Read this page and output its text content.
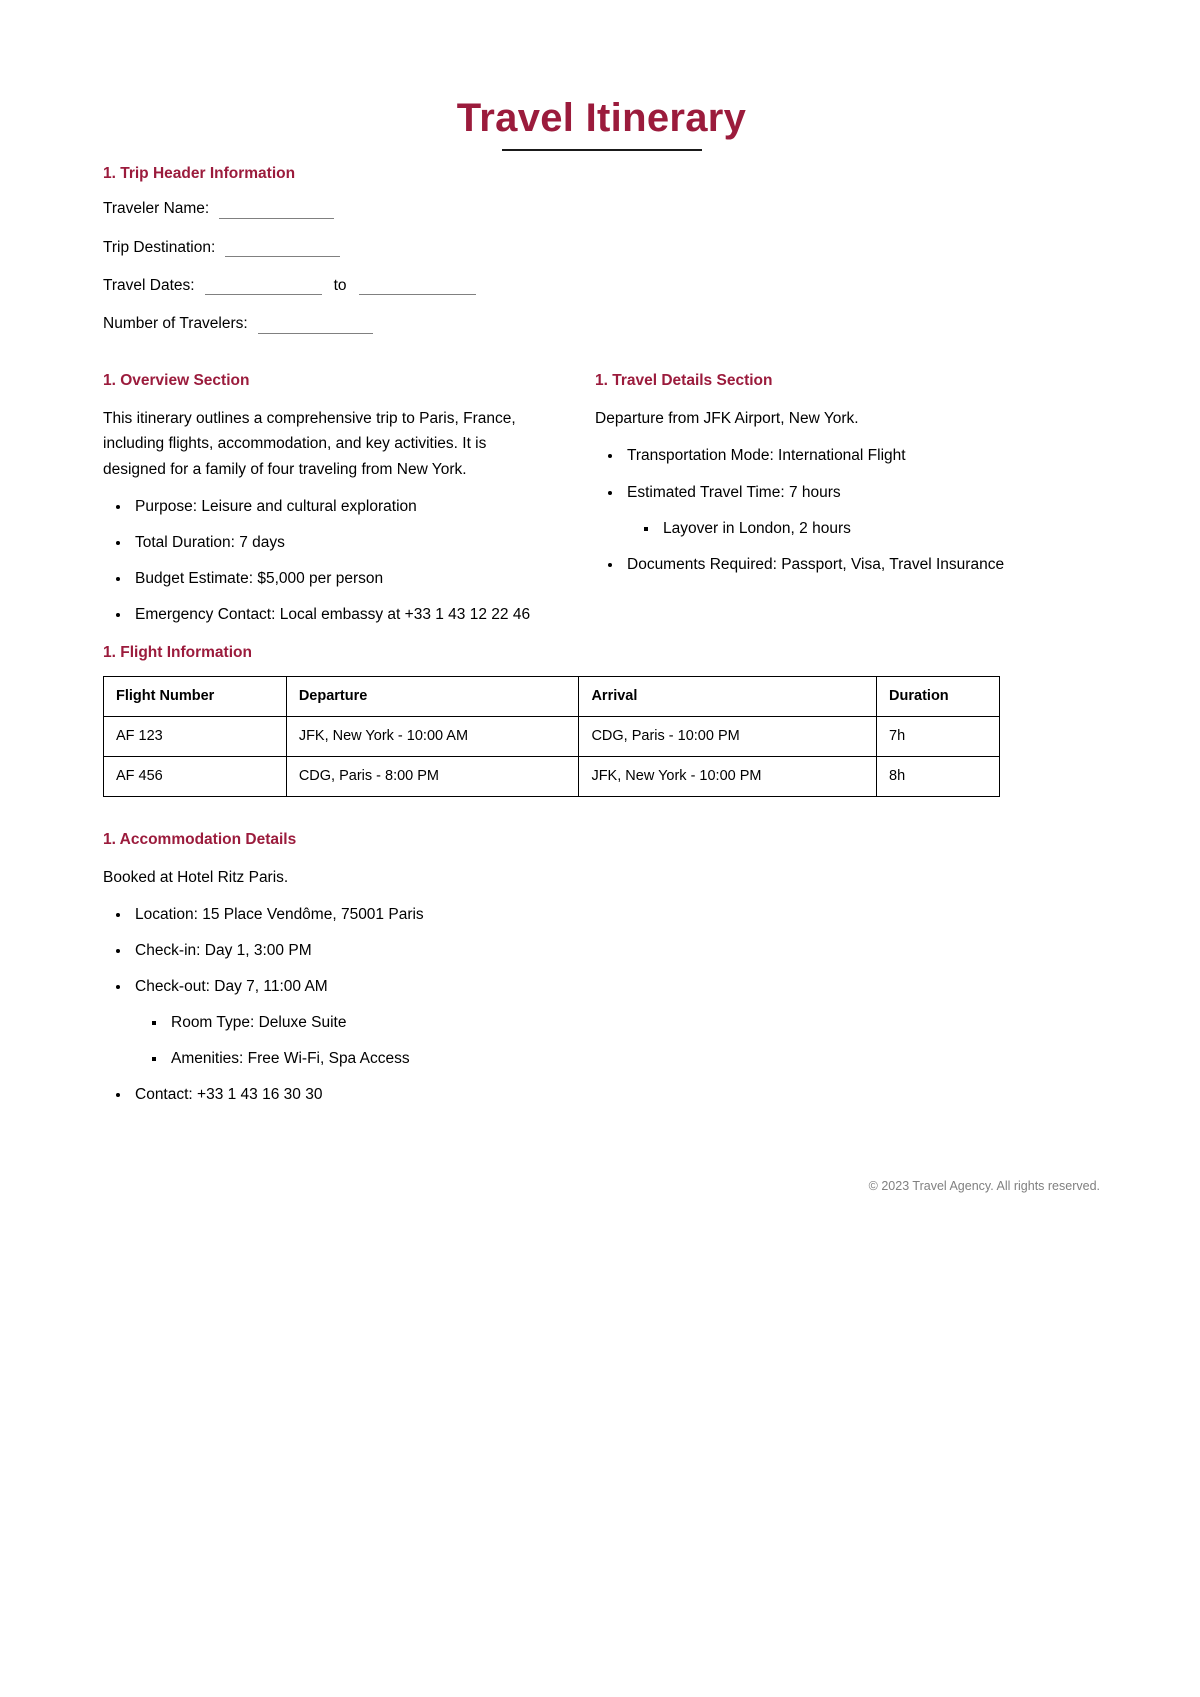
Travel Itinerary
1. Trip Header Information
Traveler Name:
Trip Destination:
Travel Dates:	to
Number of Travelers:
1. Overview Section

This itinerary outlines a comprehensive trip to Paris, France, including flights, accommodation, and key activities. It is designed for a family of four traveling from New York.

• Purpose: Leisure and cultural exploration
• Total Duration: 7 days
• Budget Estimate: $5,000 per person
• Emergency Contact: Local embassy at +33 1 43 12 22 46
1. Travel Details Section

Departure from JFK Airport, New York.

• Transportation Mode: International Flight
• Estimated Travel Time: 7 hours
▪ Layover in London, 2 hours
• Documents Required: Passport, Visa, Travel Insurance
1. Flight Information
Flight Number	Departure	Arrival	Duration
AF 123	JFK, New York - 10:00 AM	CDG, Paris - 10:00 PM	7h
AF 456	CDG, Paris - 8:00 PM	JFK, New York - 10:00 PM	8h
1. Accommodation Details

Booked at Hotel Ritz Paris.

• Location: 15 Place Vendôme, 75001 Paris
• Check-in: Day 1, 3:00 PM
• Check-out: Day 7, 11:00 AM
▪ Room Type: Deluxe Suite
▪ Amenities: Free Wi-Fi, Spa Access
• Contact: +33 1 43 16 30 30
© 2023 Travel Agency. All rights reserved.
